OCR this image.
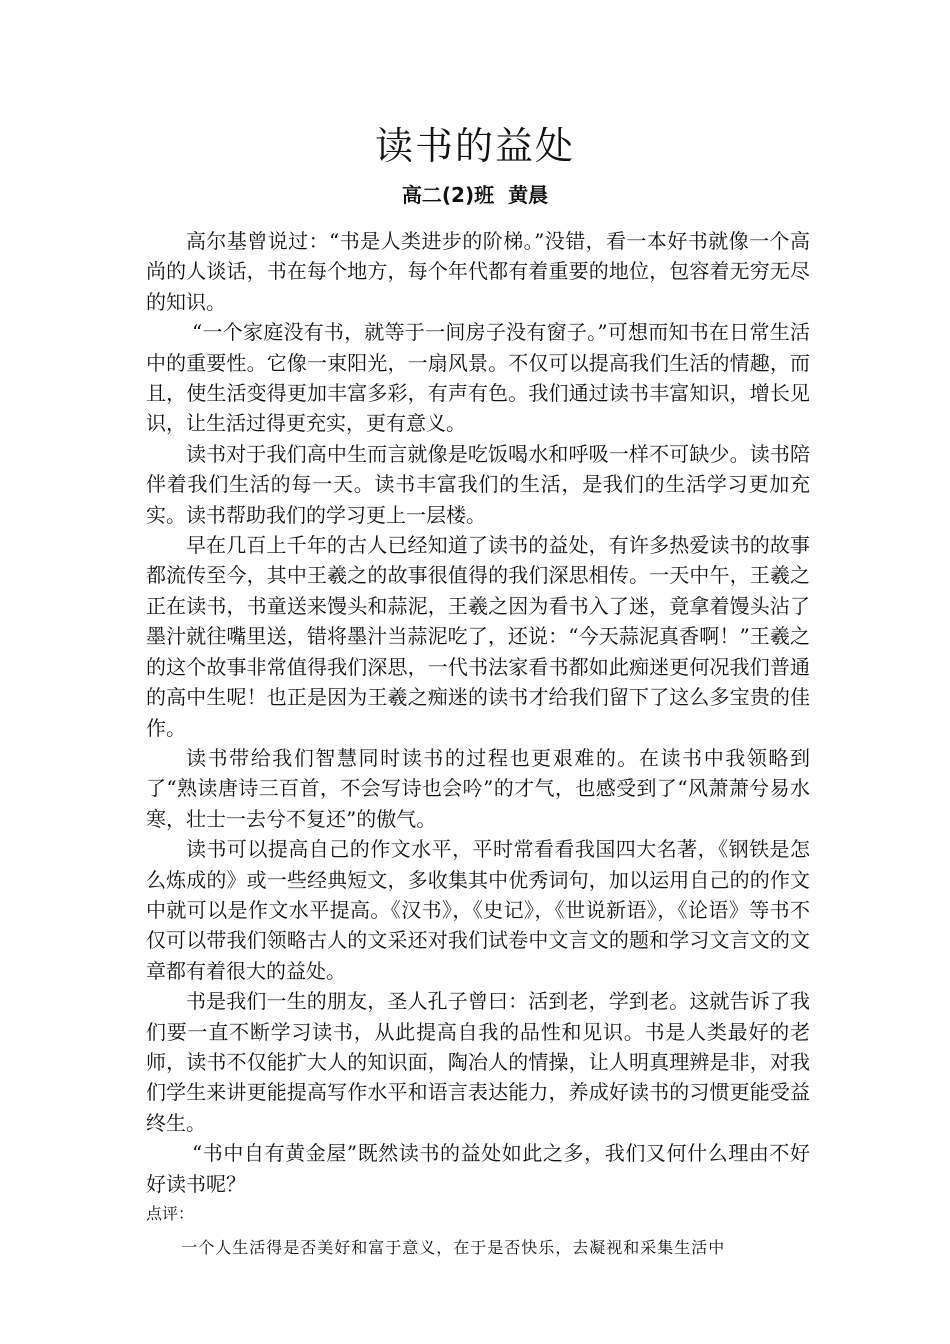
读书的益处
高二(2)班 黄晨

高尔基曾说过：“书是人类进步的阶梯。”没错，看一本好书就像一个高尚的人谈话，书在每个地方，每个年代都有着重要的地位，包容着无穷无尽的知识。

“一个家庭没有书，就等于一间房子没有窗子。”可想而知书在日常生活中的重要性。它像一束阳光，一扇风景。不仅可以提高我们生活的情趣，而且，使生活变得更加丰富多彩，有声有色。我们通过读书丰富知识，增长见识，让生活过得更充实，更有意义。

读书对于我们高中生而言就像是吃饭喝水和呼吸一样不可缺少。读书陪伴着我们生活的每一天。读书丰富我们的生活，是我们的生活学习更加充实。读书帮助我们的学习更上一层楼。

早在几百上千年的古人已经知道了读书的益处，有许多热爱读书的故事都流传至今，其中王羲之的故事很值得的我们深思相传。一天中午，王羲之正在读书，书童送来馒头和蒜泥，王羲之因为看书入了迷，竟拿着馒头沾了墨汁就往嘴里送，错将墨汁当蒜泥吃了，还说：“今天蒜泥真香啊！”王羲之的这个故事非常值得我们深思，一代书法家看书都如此痴迷更何况我们普通的高中生呢！也正是因为王羲之痴迷的读书才给我们留下了这么多宝贵的佳作。

读书带给我们智慧同时读书的过程也更艰难的。在读书中我领略到了“熟读唐诗三百首，不会写诗也会吟”的才气，也感受到了“风萧萧兮易水寒，壮士一去兮不复还”的傲气。

读书可以提高自己的作文水平，平时常看看我国四大名著，《钢铁是怎么炼成的》或一些经典短文，多收集其中优秀词句，加以运用自己的的作文中就可以是作文水平提高。《汉书》，《史记》，《世说新语》，《论语》等书不仅可以带我们领略古人的文采还对我们试卷中文言文的题和学习文言文的文章都有着很大的益处。

书是我们一生的朋友，圣人孔子曾曰：活到老，学到老。这就告诉了我们要一直不断学习读书，从此提高自我的品性和见识。书是人类最好的老师，读书不仅能扩大人的知识面，陶冶人的情操，让人明真理辨是非，对我们学生来讲更能提高写作水平和语言表达能力，养成好读书的习惯更能受益终生。

“书中自有黄金屋”既然读书的益处如此之多，我们又何什么理由不好好读书呢？

点评：

一个人生活得是否美好和富于意义，在于是否快乐，去凝视和采集生活中
